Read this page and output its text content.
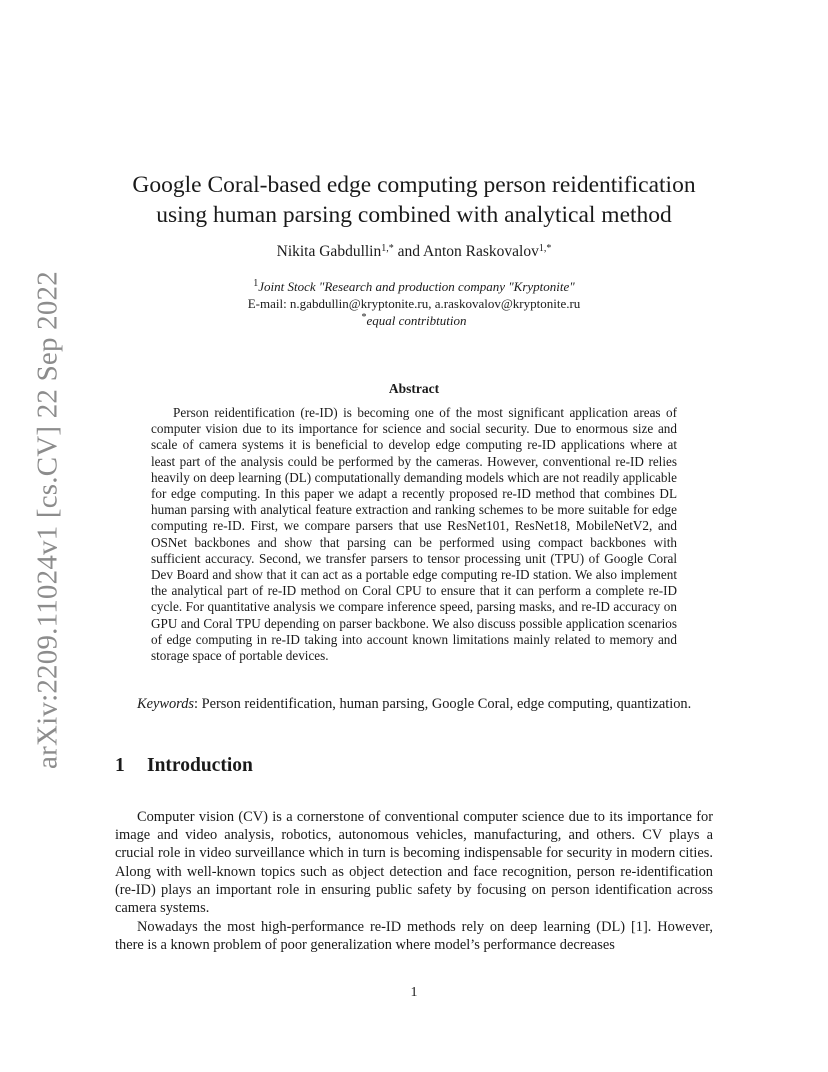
arXiv:2209.11024v1 [cs.CV] 22 Sep 2022
Google Coral-based edge computing person reidentification
using human parsing combined with analytical method
Nikita Gabdullin$^{1,*}$ and Anton Raskovalov$^{1,*}$
$^1$Joint Stock "Research and production company "Kryptonite"
E-mail: n.gabdullin@kryptonite.ru, a.raskovalov@kryptonite.ru
*equal contribtution
Abstract

Person reidentification (re-ID) is becoming one of the most significant application areas of computer vision due to its importance for science and social security. Due to enormous size and scale of camera systems it is beneficial to develop edge computing re-ID applications where at least part of the analysis could be performed by the cameras. However, conventional re-ID relies heavily on deep learning (DL) computationally demanding models which are not readily applicable for edge computing. In this paper we adapt a recently proposed re-ID method that combines DL human parsing with analytical feature extraction and ranking schemes to be more suitable for edge computing re-ID. First, we compare parsers that use ResNet101, ResNet18, MobileNetV2, and OSNet backbones and show that parsing can be performed using compact backbones with sufficient accuracy. Second, we transfer parsers to tensor processing unit (TPU) of Google Coral Dev Board and show that it can act as a portable edge computing re-ID station. We also implement the analytical part of re-ID method on Coral CPU to ensure that it can perform a complete re-ID cycle. For quantitative analysis we compare inference speed, parsing masks, and re-ID accuracy on GPU and Coral TPU depending on parser backbone. We also discuss possible application scenarios of edge computing in re-ID taking into account known limitations mainly related to memory and storage space of portable devices.

Keywords: Person reidentification, human parsing, Google Coral, edge computing, quantization.

1 Introduction

Computer vision (CV) is a cornerstone of conventional computer science due to its importance for image and video analysis, robotics, autonomous vehicles, manufacturing, and others. CV plays a crucial role in video surveillance which in turn is becoming indispensable for security in modern cities. Along with well-known topics such as object detection and face recognition, person re-identification (re-ID) plays an important role in ensuring public safety by focusing on person identification across camera systems.

Nowadays the most high-performance re-ID methods rely on deep learning (DL) [1]. However, there is a known problem of poor generalization where model’s performance decreases

1
